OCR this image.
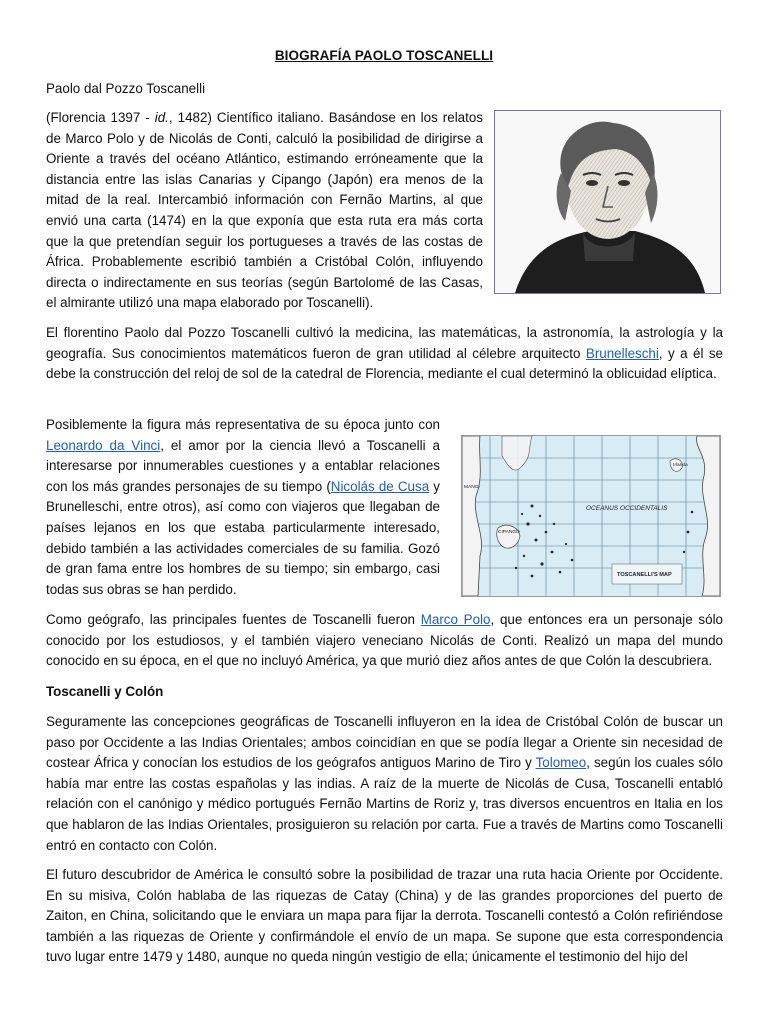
BIOGRAFÍA PAOLO TOSCANELLI

Paolo dal Pozzo Toscanelli

(Florencia 1397 - id., 1482) Científico italiano. Basándose en los relatos de Marco Polo y de Nicolás de Conti, calculó la posibilidad de dirigirse a Oriente a través del océano Atlántico, estimando erróneamente que la distancia entre las islas Canarias y Cipango (Japón) era menos de la mitad de la real. Intercambió información con Fernão Martins, al que envió una carta (1474) en la que exponía que esta ruta era más corta que la que pretendían seguir los portugueses a través de las costas de África. Probablemente escribió también a Cristóbal Colón, influyendo directa o indirectamente en sus teorías (según Bartolomé de las Casas, el almirante utilizó una mapa elaborado por Toscanelli).

El florentino Paolo dal Pozzo Toscanelli cultivó la medicina, las matemáticas, la astronomía, la astrología y la geografía. Sus conocimientos matemáticos fueron de gran utilidad al célebre arquitecto Brunelleschi, y a él se debe la construcción del reloj de sol de la catedral de Florencia, mediante el cual determinó la oblicuidad elíptica.

Posiblemente la figura más representativa de su época junto con Leonardo da Vinci, el amor por la ciencia llevó a Toscanelli a interesarse por innumerables cuestiones y a entablar relaciones con los más grandes personajes de su tiempo (Nicolás de Cusa y Brunelleschi, entre otros), así como con viajeros que llegaban de países lejanos en los que estaba particularmente interesado, debido también a las actividades comerciales de su familia. Gozó de gran fama entre los hombres de su tiempo; sin embargo, casi todas sus obras se han perdido.

OCEANUS OCCIDENTALIS
CIPANGO
MANGI
Irlanda
TOSCANELLI'S MAP

Como geógrafo, las principales fuentes de Toscanelli fueron Marco Polo, que entonces era un personaje sólo conocido por los estudiosos, y el también viajero veneciano Nicolás de Conti. Realizó un mapa del mundo conocido en su época, en el que no incluyó América, ya que murió diez años antes de que Colón la descubriera.

Toscanelli y Colón

Seguramente las concepciones geográficas de Toscanelli influyeron en la idea de Cristóbal Colón de buscar un paso por Occidente a las Indias Orientales; ambos coincidían en que se podía llegar a Oriente sin necesidad de costear África y conocían los estudios de los geógrafos antiguos Marino de Tiro y Tolomeo, según los cuales sólo había mar entre las costas españolas y las indias. A raíz de la muerte de Nicolás de Cusa, Toscanelli entabló relación con el canónigo y médico portugués Fernão Martins de Roriz y, tras diversos encuentros en Italia en los que hablaron de las Indias Orientales, prosiguieron su relación por carta. Fue a través de Martins como Toscanelli entró en contacto con Colón.

El futuro descubridor de América le consultó sobre la posibilidad de trazar una ruta hacia Oriente por Occidente. En su misiva, Colón hablaba de las riquezas de Catay (China) y de las grandes proporciones del puerto de Zaiton, en China, solicitando que le enviara un mapa para fijar la derrota. Toscanelli contestó a Colón refiriéndose también a las riquezas de Oriente y confirmándole el envío de un mapa. Se supone que esta correspondencia tuvo lugar entre 1479 y 1480, aunque no queda ningún vestigio de ella; únicamente el testimonio del hijo del
